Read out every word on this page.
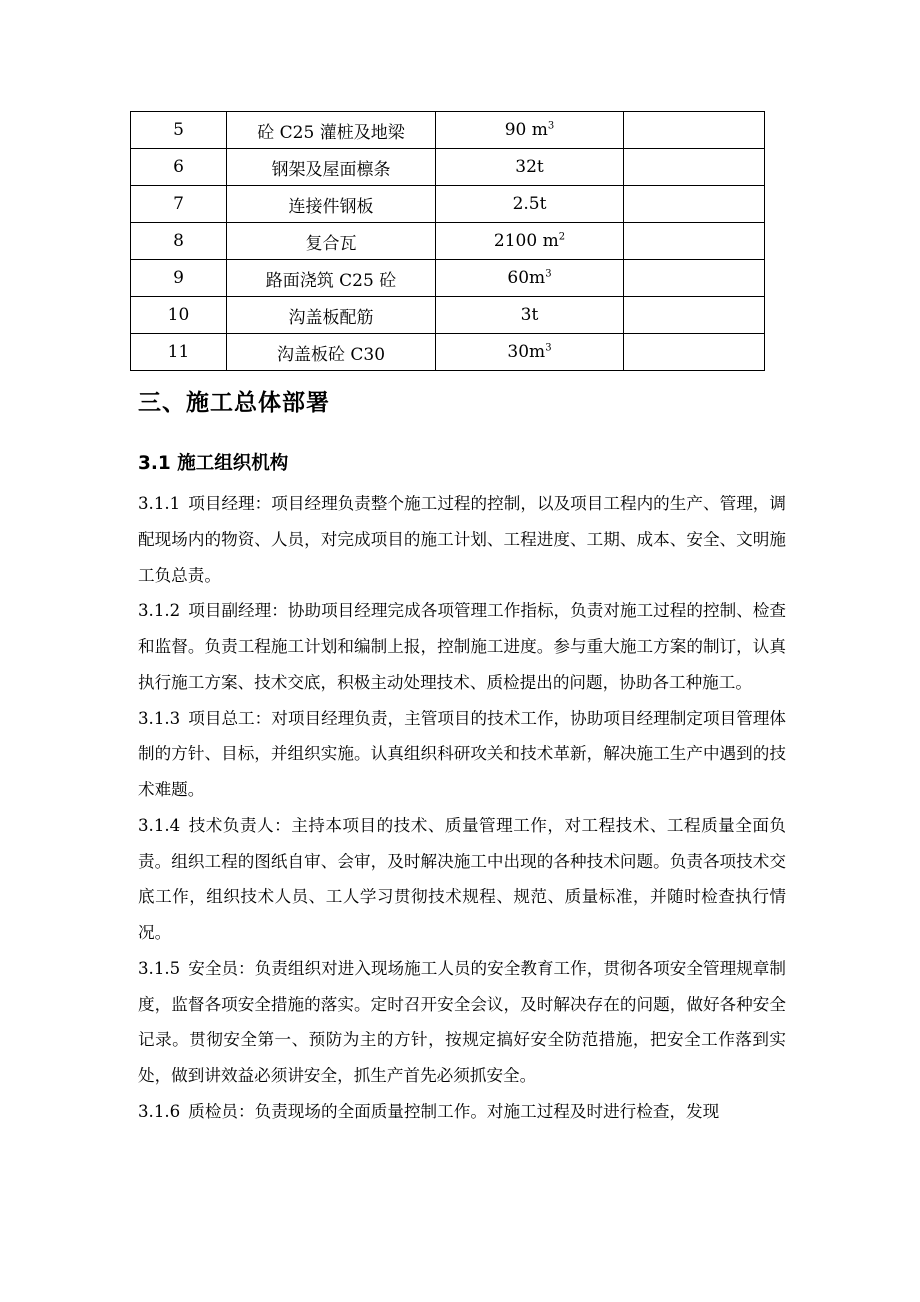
5	砼 C25 灌桩及地梁	90 $m^3$	
6	钢架及屋面檩条	32t	
7	连接件钢板	2.5t	
8	复合瓦	2100 $m^2$	
9	路面浇筑 C25 砼	$60m^3$	
10	沟盖板配筋	3t	
11	沟盖板砼 C30	$30m^3$	
三、施工总体部署
3.1 施工组织机构

3.1.1 项目经理：项目经理负责整个施工过程的控制，以及项目工程内的生产、管理，调配现场内的物资、人员，对完成项目的施工计划、工程进度、工期、成本、安全、文明施工负总责。

3.1.2 项目副经理：协助项目经理完成各项管理工作指标，负责对施工过程的控制、检查和监督。负责工程施工计划和编制上报，控制施工进度。参与重大施工方案的制订，认真执行施工方案、技术交底，积极主动处理技术、质检提出的问题，协助各工种施工。

3.1.3 项目总工：对项目经理负责，主管项目的技术工作，协助项目经理制定项目管理体制的方针、目标，并组织实施。认真组织科研攻关和技术革新，解决施工生产中遇到的技术难题。

3.1.4 技术负责人：主持本项目的技术、质量管理工作，对工程技术、工程质量全面负责。组织工程的图纸自审、会审，及时解决施工中出现的各种技术问题。负责各项技术交底工作，组织技术人员、工人学习贯彻技术规程、规范、质量标准，并随时检查执行情况。

3.1.5 安全员：负责组织对进入现场施工人员的安全教育工作，贯彻各项安全管理规章制度，监督各项安全措施的落实。定时召开安全会议，及时解决存在的问题，做好各种安全记录。贯彻安全第一、预防为主的方针，按规定搞好安全防范措施，把安全工作落到实处，做到讲效益必须讲安全，抓生产首先必须抓安全。

3.1.6 质检员：负责现场的全面质量控制工作。对施工过程及时进行检查，发现
